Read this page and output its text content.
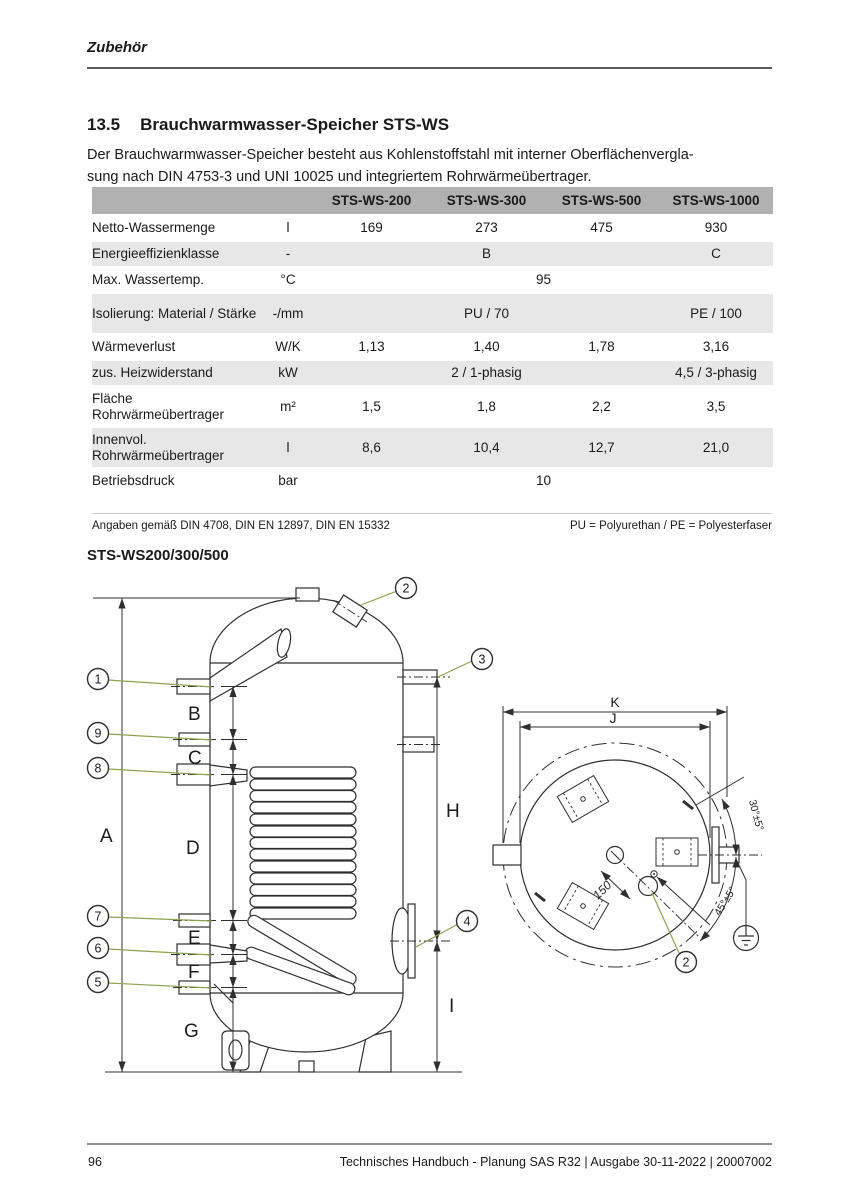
Zubehör
13.5 Brauchwarmwasser-Speicher STS-WS
Der Brauchwarmwasser-Speicher besteht aus Kohlenstoffstahl mit interner Oberflächenvergla-
sung nach DIN 4753-3 und UNI 10025 und integriertem Rohrwärmeübertrager.
		STS-WS-200	STS-WS-300	STS-WS-500	STS-WS-1000
Netto-Wassermenge	l	169	273	475	930
Energieeffizienklasse	-	B			C
Max. Wassertemp.	°C	95			
Isolierung: Material / Stärke	-/mm	PU / 70			PE / 100
Wärmeverlust	W/K	1,13	1,40	1,78	3,16
zus. Heizwiderstand	kW	2 / 1-phasig			4,5 / 3-phasig
Fläche Rohrwärmeübertrager	m²	1,5	1,8	2,2	3,5
Innenvol. Rohrwärmeübertrager	l	8,6	10,4	12,7	21,0
Betriebsdruck	bar	10			
Angaben gemäß DIN 4708, DIN EN 12897, DIN EN 15332	PU = Polyurethan / PE = Polyesterfaser
STS-WS200/300/500
A
B
C
D
E
F
G
H
I
1
2
3
4
5
6
7
8
9
K
J
150
30°±5°
45°±5°
2
96	Technisches Handbuch - Planung SAS R32 | Ausgabe 30-11-2022 | 20007002
